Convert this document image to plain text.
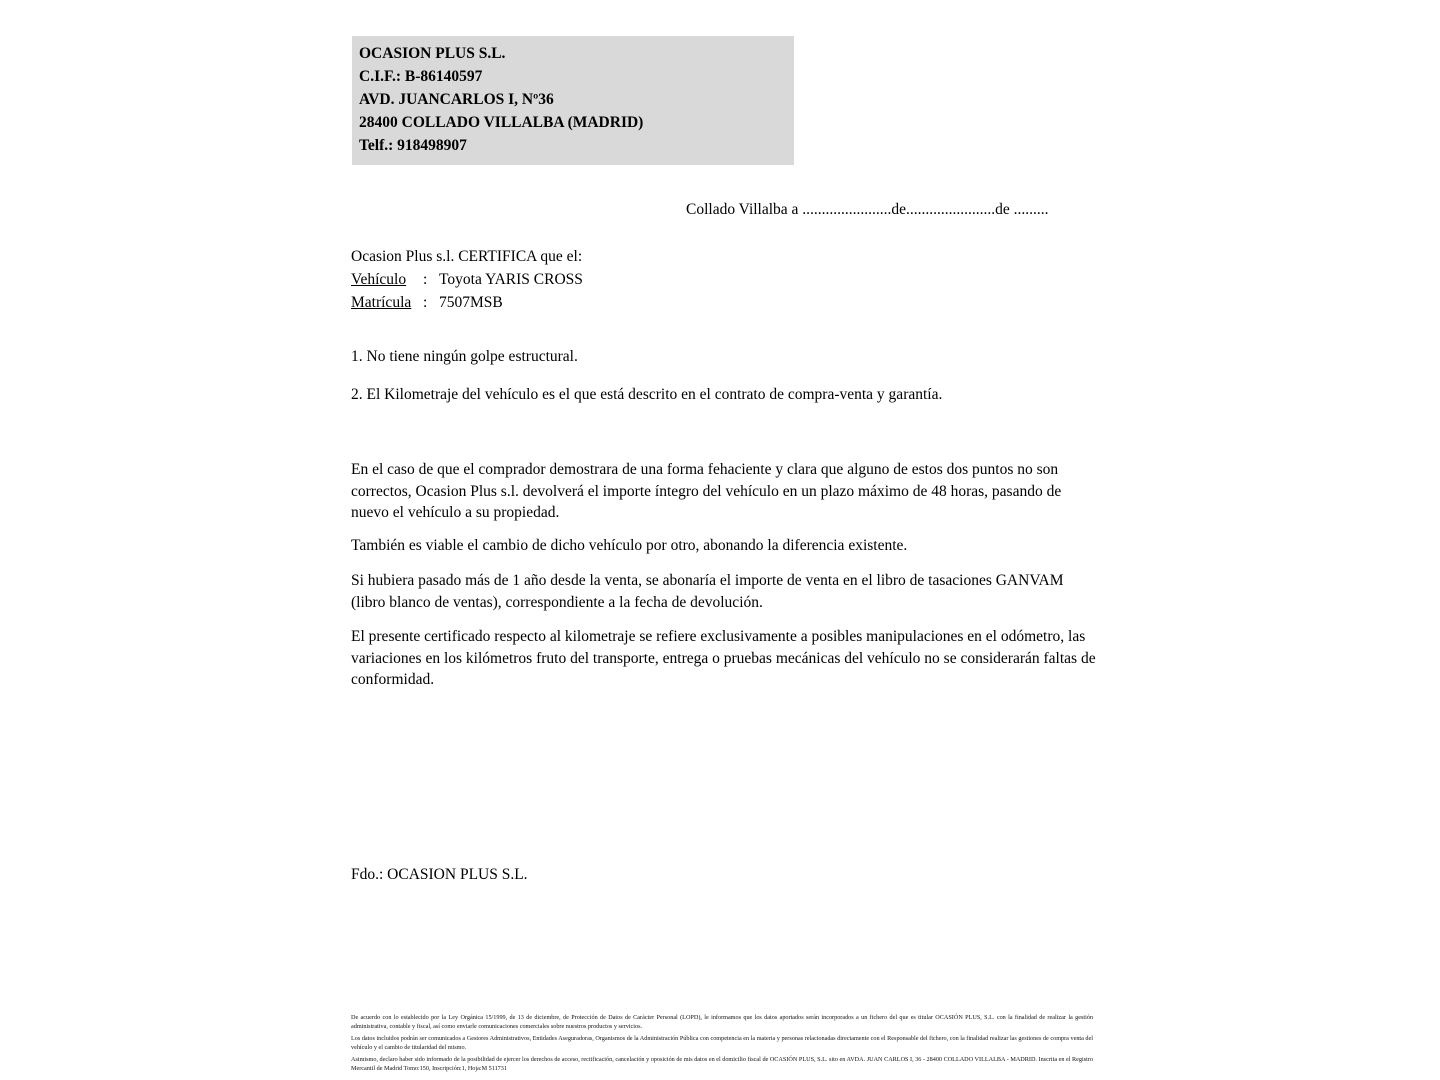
OCASION PLUS S.L.
C.I.F.: B-86140597
AVD. JUANCARLOS I, Nº36
28400 COLLADO VILLALBA (MADRID)
Telf.: 918498907
Collado Villalba a .......................de.......................de .........
Ocasion Plus s.l. CERTIFICA que el:
Vehículo : Toyota YARIS CROSS
Matrícula : 7507MSB
1. No tiene ningún golpe estructural.
2. El Kilometraje del vehículo es el que está descrito en el contrato de compra-venta y garantía.
En el caso de que el comprador demostrara de una forma fehaciente y clara que alguno de estos dos puntos no son correctos, Ocasion Plus s.l. devolverá el importe íntegro del vehículo en un plazo máximo de 48 horas, pasando de nuevo el vehículo a su propiedad.
También es viable el cambio de dicho vehículo por otro, abonando la diferencia existente.
Si hubiera pasado más de 1 año desde la venta, se abonaría el importe de venta en el libro de tasaciones GANVAM (libro blanco de ventas), correspondiente a la fecha de devolución.
El presente certificado respecto al kilometraje se refiere exclusivamente a posibles manipulaciones en el odómetro, las variaciones en los kilómetros fruto del transporte, entrega o pruebas mecánicas del vehículo no se considerarán faltas de conformidad.
Fdo.: OCASION PLUS S.L.

De acuerdo con lo establecido por la Ley Orgánica 15/1999, de 13 de diciembre, de Protección de Datos de Carácter Personal (LOPD), le informamos que los datos aportados serán incorporados a un fichero del que es titular OCASIÓN PLUS, S.L. con la finalidad de realizar la gestión administrativa, contable y fiscal, así como enviarle comunicaciones comerciales sobre nuestros productos y servicios.

Los datos incluidos podrán ser comunicados a Gestores Administrativos, Entidades Aseguradoras, Organismos de la Administración Pública con competencia en la materia y personas relacionadas directamente con el Responsable del fichero, con la finalidad realizar las gestiones de compra venta del vehículo y el cambio de titularidad del mismo.

Asimismo, declaro haber sido informado de la posibilidad de ejercer los derechos de acceso, rectificación, cancelación y oposición de mis datos en el domicilio fiscal de OCASIÓN PLUS, S.L. sito en AVDA. JUAN CARLOS I, 36 - 28400 COLLADO VILLALBA - MADRID. Inscrita en el Registro Mercantil de Madrid Tomo:150, Inscripción:1, Hoja:M 511731
